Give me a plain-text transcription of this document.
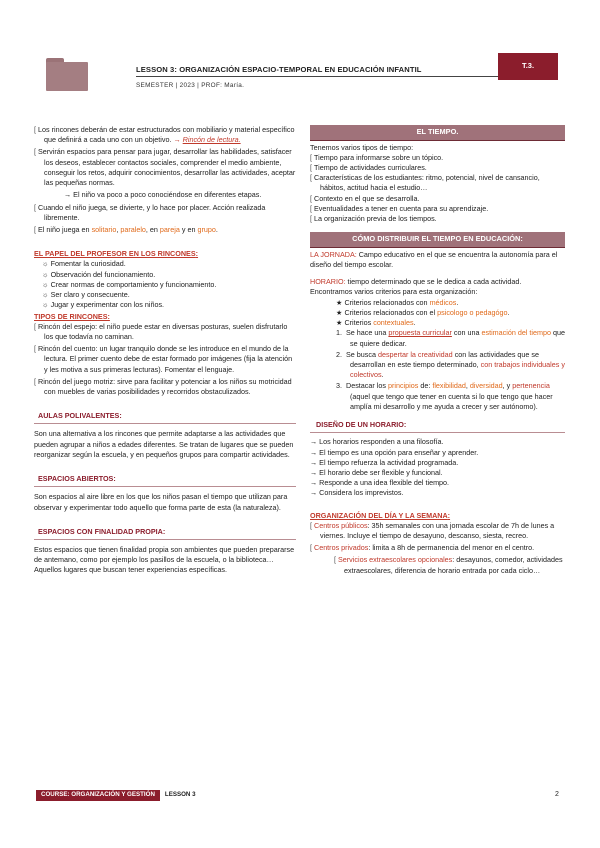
LESSON 3: ORGANIZACIÓN ESPACIO-TEMPORAL EN EDUCACIÓN INFANTIL
SEMESTER | 2023 | PROF: María.
T.3.

[ Los rincones deberán de estar estructurados con mobiliario y material específico que definirá a cada uno con un objetivo. → Rincón de lectura.

[ Servirán espacios para pensar para jugar, desarrollar las habilidades, satisfacer los deseos, establecer contactos sociales, comprender el medio ambiente, conseguir los retos, adquirir conocimientos, desarrollar las actividades, aceptar las pequeñas normas.

→ El niño va poco a poco conociéndose en diferentes etapas.

[ Cuando el niño juega, se divierte, y lo hace por placer. Acción realizada libremente.

[ El niño juega en solitario, paralelo, en pareja y en grupo.

EL PAPEL DEL PROFESOR EN LOS RINCONES:

☼ Fomentar la curiosidad.

☼ Observación del funcionamiento.

☼ Crear normas de comportamiento y funcionamiento.

☼ Ser claro y consecuente.

☼ Jugar y experimentar con los niños.

TIPOS DE RINCONES:

[ Rincón del espejo: el niño puede estar en diversas posturas, suelen disfrutarlo los que todavía no caminan.

[ Rincón del cuento: un lugar tranquilo donde se les introduce en el mundo de la lectura. El primer cuento debe de estar formado por imágenes (fija la atención y les motiva a sus primeras lecturas). Fomentar el lenguaje.

[ Rincón del juego motriz: sirve para facilitar y potenciar a los niños su motricidad con muebles de varias posibilidades y recorridos obstaculizados.

AULAS POLIVALENTES:

Son una alternativa a los rincones que permite adaptarse a las actividades que pueden agrupar a niños a edades diferentes. Se tratan de lugares que se pueden reorganizar según la escuela, y en pequeños grupos para compartir actividades.

ESPACIOS ABIERTOS:

Son espacios al aire libre en los que los niños pasan el tiempo que utilizan para observar y experimentar todo aquello que forma parte de esta (la naturaleza).

ESPACIOS CON FINALIDAD PROPIA:

Estos espacios que tienen finalidad propia son ambientes que pueden prepararse de antemano, como por ejemplo los pasillos de la escuela, o la biblioteca… Aquellos lugares que buscan tener experiencias específicas.

EL TIEMPO.

Tenemos varios tipos de tiempo:

[ Tiempo para informarse sobre un tópico.

[ Tiempo de actividades curriculares.

[ Características de los estudiantes: ritmo, potencial, nivel de cansancio, hábitos, actitud hacia el estudio…

[ Contexto en el que se desarrolla.

[ Eventualidades a tener en cuenta para su aprendizaje.

[ La organización previa de los tiempos.

CÓMO DISTRIBUIR EL TIEMPO EN EDUCACIÓN:

LA JORNADA: Campo educativo en el que se encuentra la autonomía para el diseño del tiempo escolar.

HORARIO: tiempo determinado que se le dedica a cada actividad. Encontramos varios criterios para esta organización:

★ Criterios relacionados con médicos.
★ Criterios relacionados con el psicologo o pedagógo.
★ Criterios contextuales.
1.  Se hace una propuesta curricular con una estimación del tiempo que se quiere dedicar.
2.  Se busca despertar la creatividad con las actividades que se desarrollan en este tiempo determinado, con trabajos individuales y colectivos.
3.  Destacar los principios de: flexibilidad, diversidad, y pertenencia (aquel que tengo que tener en cuenta si lo que tengo que hacer amplía mi desarrollo y me ayuda a crecer y ser autónomo).
DISEÑO DE UN HORARIO:

→ Los horarios responden a una filosofía.

→ El tiempo es una opción para enseñar y aprender.

→ El tiempo refuerza la actividad programada.

→ El horario debe ser flexible y funcional.

→ Responde a una idea flexible del tiempo.

→ Considera los imprevistos.

ORGANIZACIÓN DEL DÍA Y LA SEMANA:

[ Centros públicos: 35h semanales con una jornada escolar de 7h de lunes a viernes. Incluye el tiempo de desayuno, descanso, siesta, recreo.

[ Centros privados: limita a 8h de permanencia del menor en el centro.

[ Servicios extraescolares opcionales: desayunos, comedor, actividades extraescolares, diferencia de horario entrada por cada ciclo…

COURSE: ORGANIZACIÓN Y GESTIÓN	LESSON 3	2
